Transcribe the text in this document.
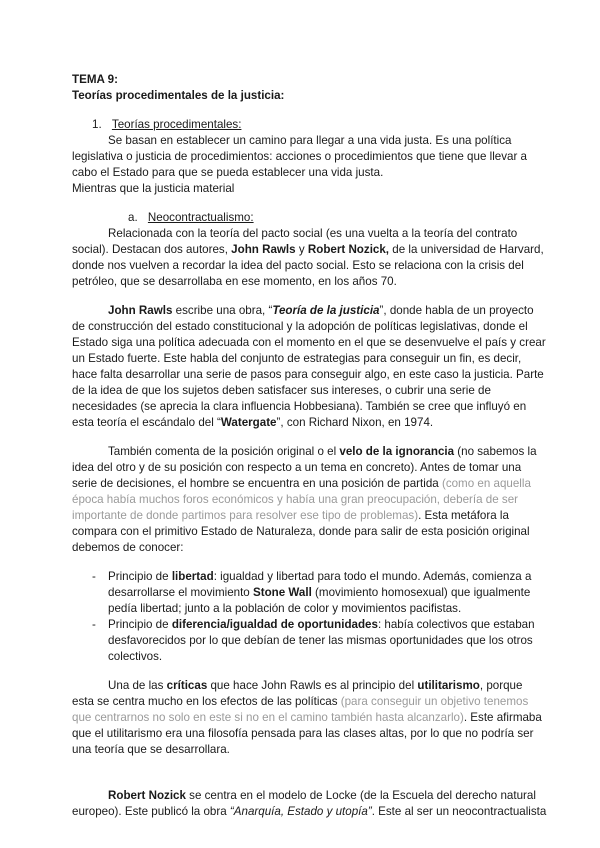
TEMA 9:
Teorías procedimentales de la justicia:
1. Teorías procedimentales:
Se basan en establecer un camino para llegar a una vida justa. Es una política
legislativa o justicia de procedimientos: acciones o procedimientos que tiene que llevar a
cabo el Estado para que se pueda establecer una vida justa.
Mientras que la justicia material
a. Neocontractualismo:
Relacionada con la teoría del pacto social (es una vuelta a la teoría del contrato
social). Destacan dos autores, John Rawls y Robert Nozick, de la universidad de Harvard,
donde nos vuelven a recordar la idea del pacto social. Esto se relaciona con la crisis del
petróleo, que se desarrollaba en ese momento, en los años 70.
John Rawls escribe una obra, “Teoría de la justicia”, donde habla de un proyecto
de construcción del estado constitucional y la adopción de políticas legislativas, donde el
Estado siga una política adecuada con el momento en el que se desenvuelve el país y crear
un Estado fuerte. Este habla del conjunto de estrategias para conseguir un fin, es decir,
hace falta desarrollar una serie de pasos para conseguir algo, en este caso la justicia. Parte
de la idea de que los sujetos deben satisfacer sus intereses, o cubrir una serie de
necesidades (se aprecia la clara influencia Hobbesiana). También se cree que influyó en
esta teoría el escándalo del “Watergate”, con Richard Nixon, en 1974.
También comenta de la posición original o el velo de la ignorancia (no sabemos la
idea del otro y de su posición con respecto a un tema en concreto). Antes de tomar una
serie de decisiones, el hombre se encuentra en una posición de partida (como en aquella
época había muchos foros económicos y había una gran preocupación, debería de ser
importante de donde partimos para resolver ese tipo de problemas). Esta metáfora la
compara con el primitivo Estado de Naturaleza, donde para salir de esta posición original
debemos de conocer:
- Principio de libertad: igualdad y libertad para todo el mundo. Además, comienza a
desarrollarse el movimiento Stone Wall (movimiento homosexual) que igualmente
pedía libertad; junto a la población de color y movimientos pacifistas.
- Principio de diferencia/igualdad de oportunidades: había colectivos que estaban
desfavorecidos por lo que debían de tener las mismas oportunidades que los otros
colectivos.
Una de las críticas que hace John Rawls es al principio del utilitarismo, porque
esta se centra mucho en los efectos de las políticas (para conseguir un objetivo tenemos
que centrarnos no solo en este si no en el camino también hasta alcanzarlo). Este afirmaba
que el utilitarismo era una filosofía pensada para las clases altas, por lo que no podría ser
una teoría que se desarrollara.
Robert Nozick se centra en el modelo de Locke (de la Escuela del derecho natural
europeo). Este publicó la obra “Anarquía, Estado y utopía”. Este al ser un neocontractualista
